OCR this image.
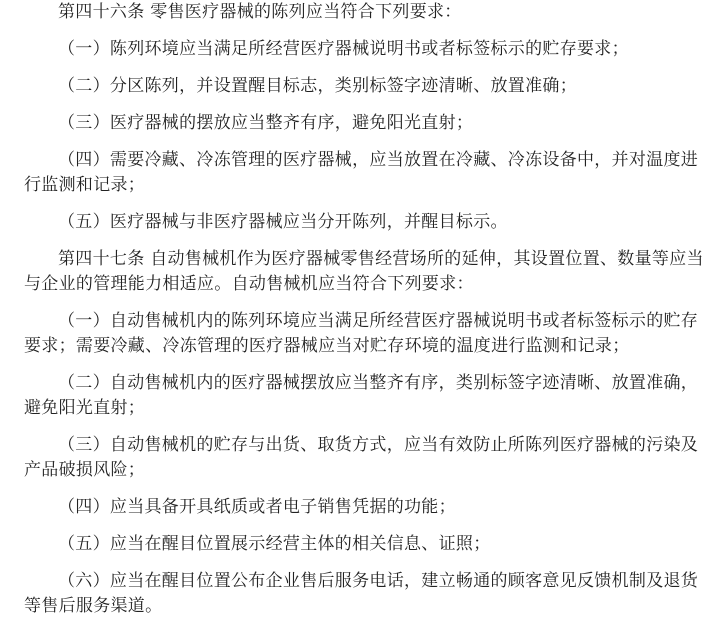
第四十六条 零售医疗器械的陈列应当符合下列要求：

（一）陈列环境应当满足所经营医疗器械说明书或者标签标示的贮存要求；

（二）分区陈列，并设置醒目标志，类别标签字迹清晰、放置准确；

（三）医疗器械的摆放应当整齐有序，避免阳光直射；

（四）需要冷藏、冷冻管理的医疗器械，应当放置在冷藏、冷冻设备中，并对温度进行监测和记录；

（五）医疗器械与非医疗器械应当分开陈列，并醒目标示。

第四十七条 自动售械机作为医疗器械零售经营场所的延伸，其设置位置、数量等应当与企业的管理能力相适应。自动售械机应当符合下列要求：

（一）自动售械机内的陈列环境应当满足所经营医疗器械说明书或者标签标示的贮存要求；需要冷藏、冷冻管理的医疗器械应当对贮存环境的温度进行监测和记录；

（二）自动售械机内的医疗器械摆放应当整齐有序，类别标签字迹清晰、放置准确，避免阳光直射；

（三）自动售械机的贮存与出货、取货方式，应当有效防止所陈列医疗器械的污染及产品破损风险；

（四）应当具备开具纸质或者电子销售凭据的功能；

（五）应当在醒目位置展示经营主体的相关信息、证照；

（六）应当在醒目位置公布企业售后服务电话，建立畅通的顾客意见反馈机制及退货等售后服务渠道。
